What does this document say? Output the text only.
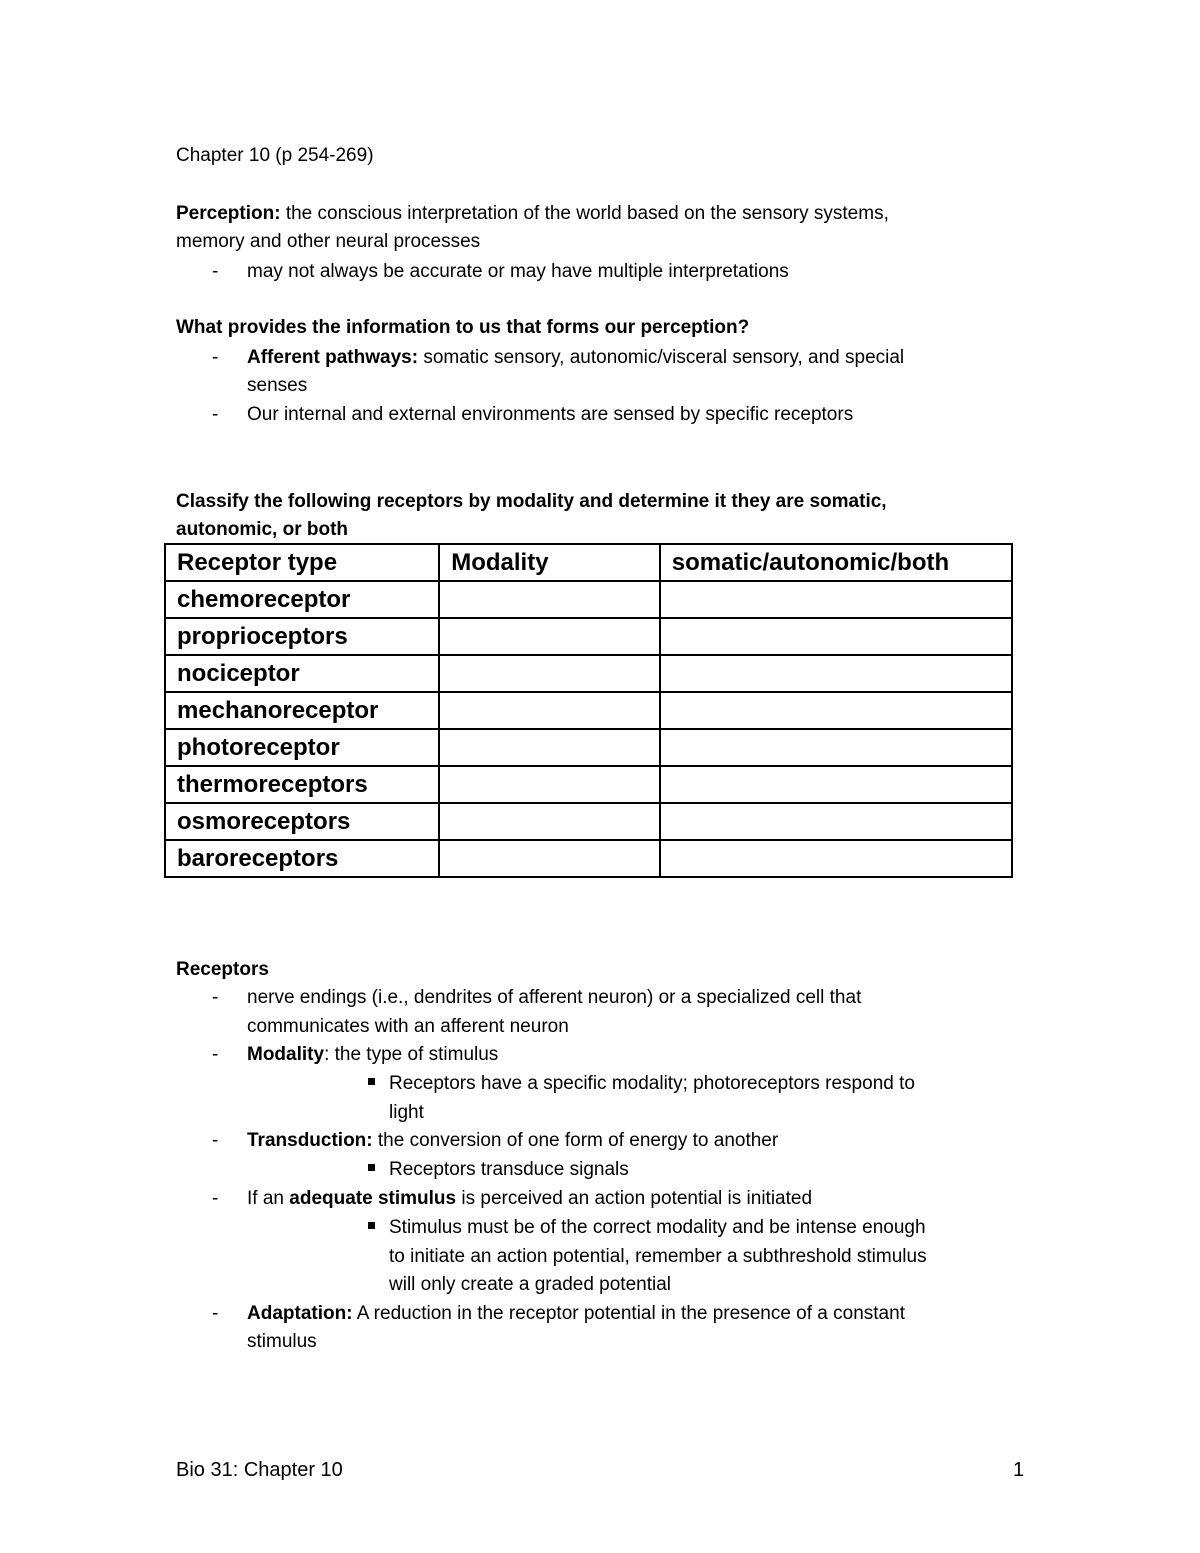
Chapter 10 (p 254-269)
Perception: the conscious interpretation of the world based on the sensory systems,
memory and other neural processes
-	may not always be accurate or may have multiple interpretations
What provides the information to us that forms our perception?
-	Afferent pathways: somatic sensory, autonomic/visceral sensory, and special
senses
-	Our internal and external environments are sensed by specific receptors
Classify the following receptors by modality and determine it they are somatic,
autonomic, or both
Receptor type	Modality	somatic/autonomic/both
chemoreceptor		
proprioceptors		
nociceptor		
mechanoreceptor		
photoreceptor		
thermoreceptors		
osmoreceptors		
baroreceptors		
Receptors
-	nerve endings (i.e., dendrites of afferent neuron) or a specialized cell that
communicates with an afferent neuron
-	Modality: the type of stimulus
Receptors have a specific modality; photoreceptors respond to
light
-	Transduction: the conversion of one form of energy to another
Receptors transduce signals
-	If an adequate stimulus is perceived an action potential is initiated
Stimulus must be of the correct modality and be intense enough
to initiate an action potential, remember a subthreshold stimulus
will only create a graded potential
-	Adaptation: A reduction in the receptor potential in the presence of a constant
stimulus
Bio 31: Chapter 10	1
